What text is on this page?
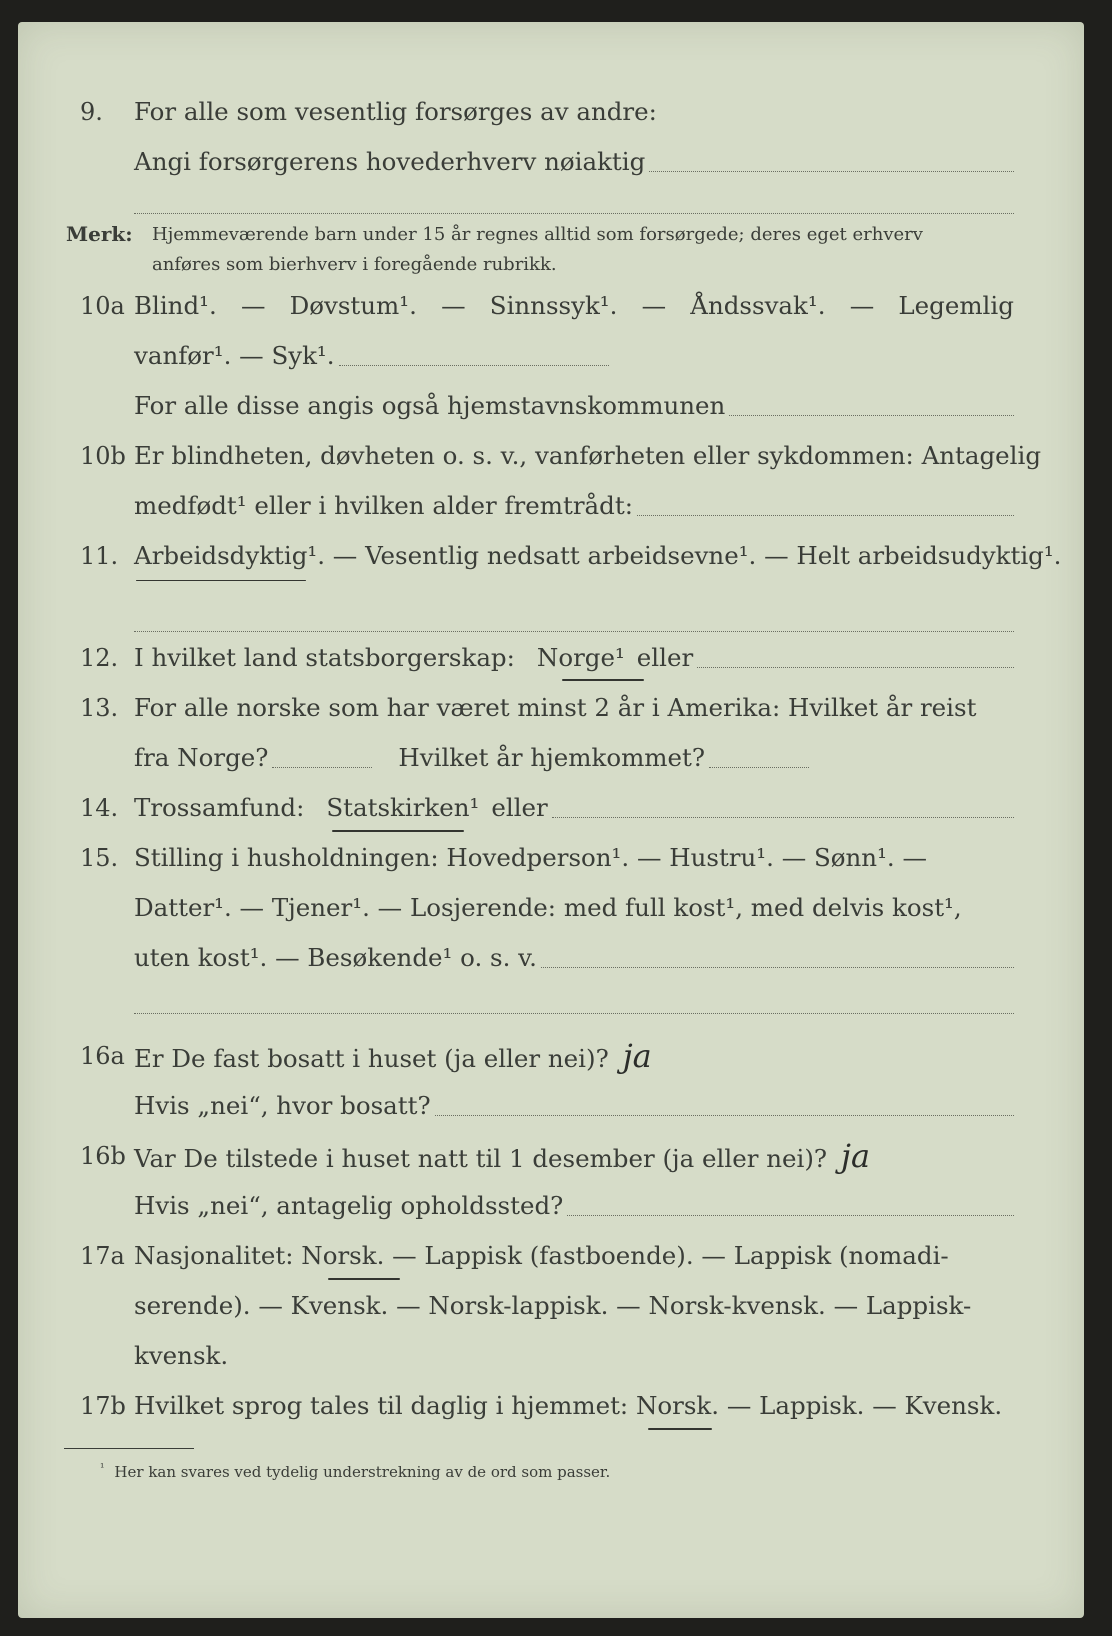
9. For alle som vesentlig forsørges av andre:
Angi forsørgerens hovederhverv nøiaktig
Merk: Hjemmeværende barn under 15 år regnes alltid som forsørgede; deres eget erhverv
anføres som bierhverv i foregående rubrikk.
10a Blind¹. — Døvstum¹. — Sinnssyk¹. — Åndssvak¹. — Legemlig
vanfør¹. — Syk¹.
For alle disse angis også hjemstavnskommunen
10b Er blindheten, døvheten o. s. v., vanførheten eller sykdommen: Antagelig
medfødt¹ eller i hvilken alder fremtrådt:
11. Arbeidsdyktig¹. — Vesentlig nedsatt arbeidsevne¹. — Helt arbeidsudyktig¹.
12. I hvilket land statsborgerskap: Norge¹ eller
13. For alle norske som har været minst 2 år i Amerika: Hvilket år reist
fra Norge?	Hvilket år hjemkommet?
14. Trossamfund: Statskirken¹ eller
15. Stilling i husholdningen: Hovedperson¹. — Hustru¹. — Sønn¹. —
Datter¹. — Tjener¹. — Losjerende: med full kost¹, med delvis kost¹,
uten kost¹. — Besøkende¹ o. s. v.
16a Er De fast bosatt i huset (ja eller nei)? ja
Hvis „nei“, hvor bosatt?
16b Var De tilstede i huset natt til 1 desember (ja eller nei)? ja
Hvis „nei“, antagelig opholdssted?
17a Nasjonalitet: Norsk. — Lappisk (fastboende). — Lappisk (nomadi-
serende). — Kvensk. — Norsk-lappisk. — Norsk-kvensk. — Lappisk-
kvensk.
17b Hvilket sprog tales til daglig i hjemmet: Norsk. — Lappisk. — Kvensk.
$^{^1}$ Her kan svares ved tydelig understrekning av de ord som passer.
